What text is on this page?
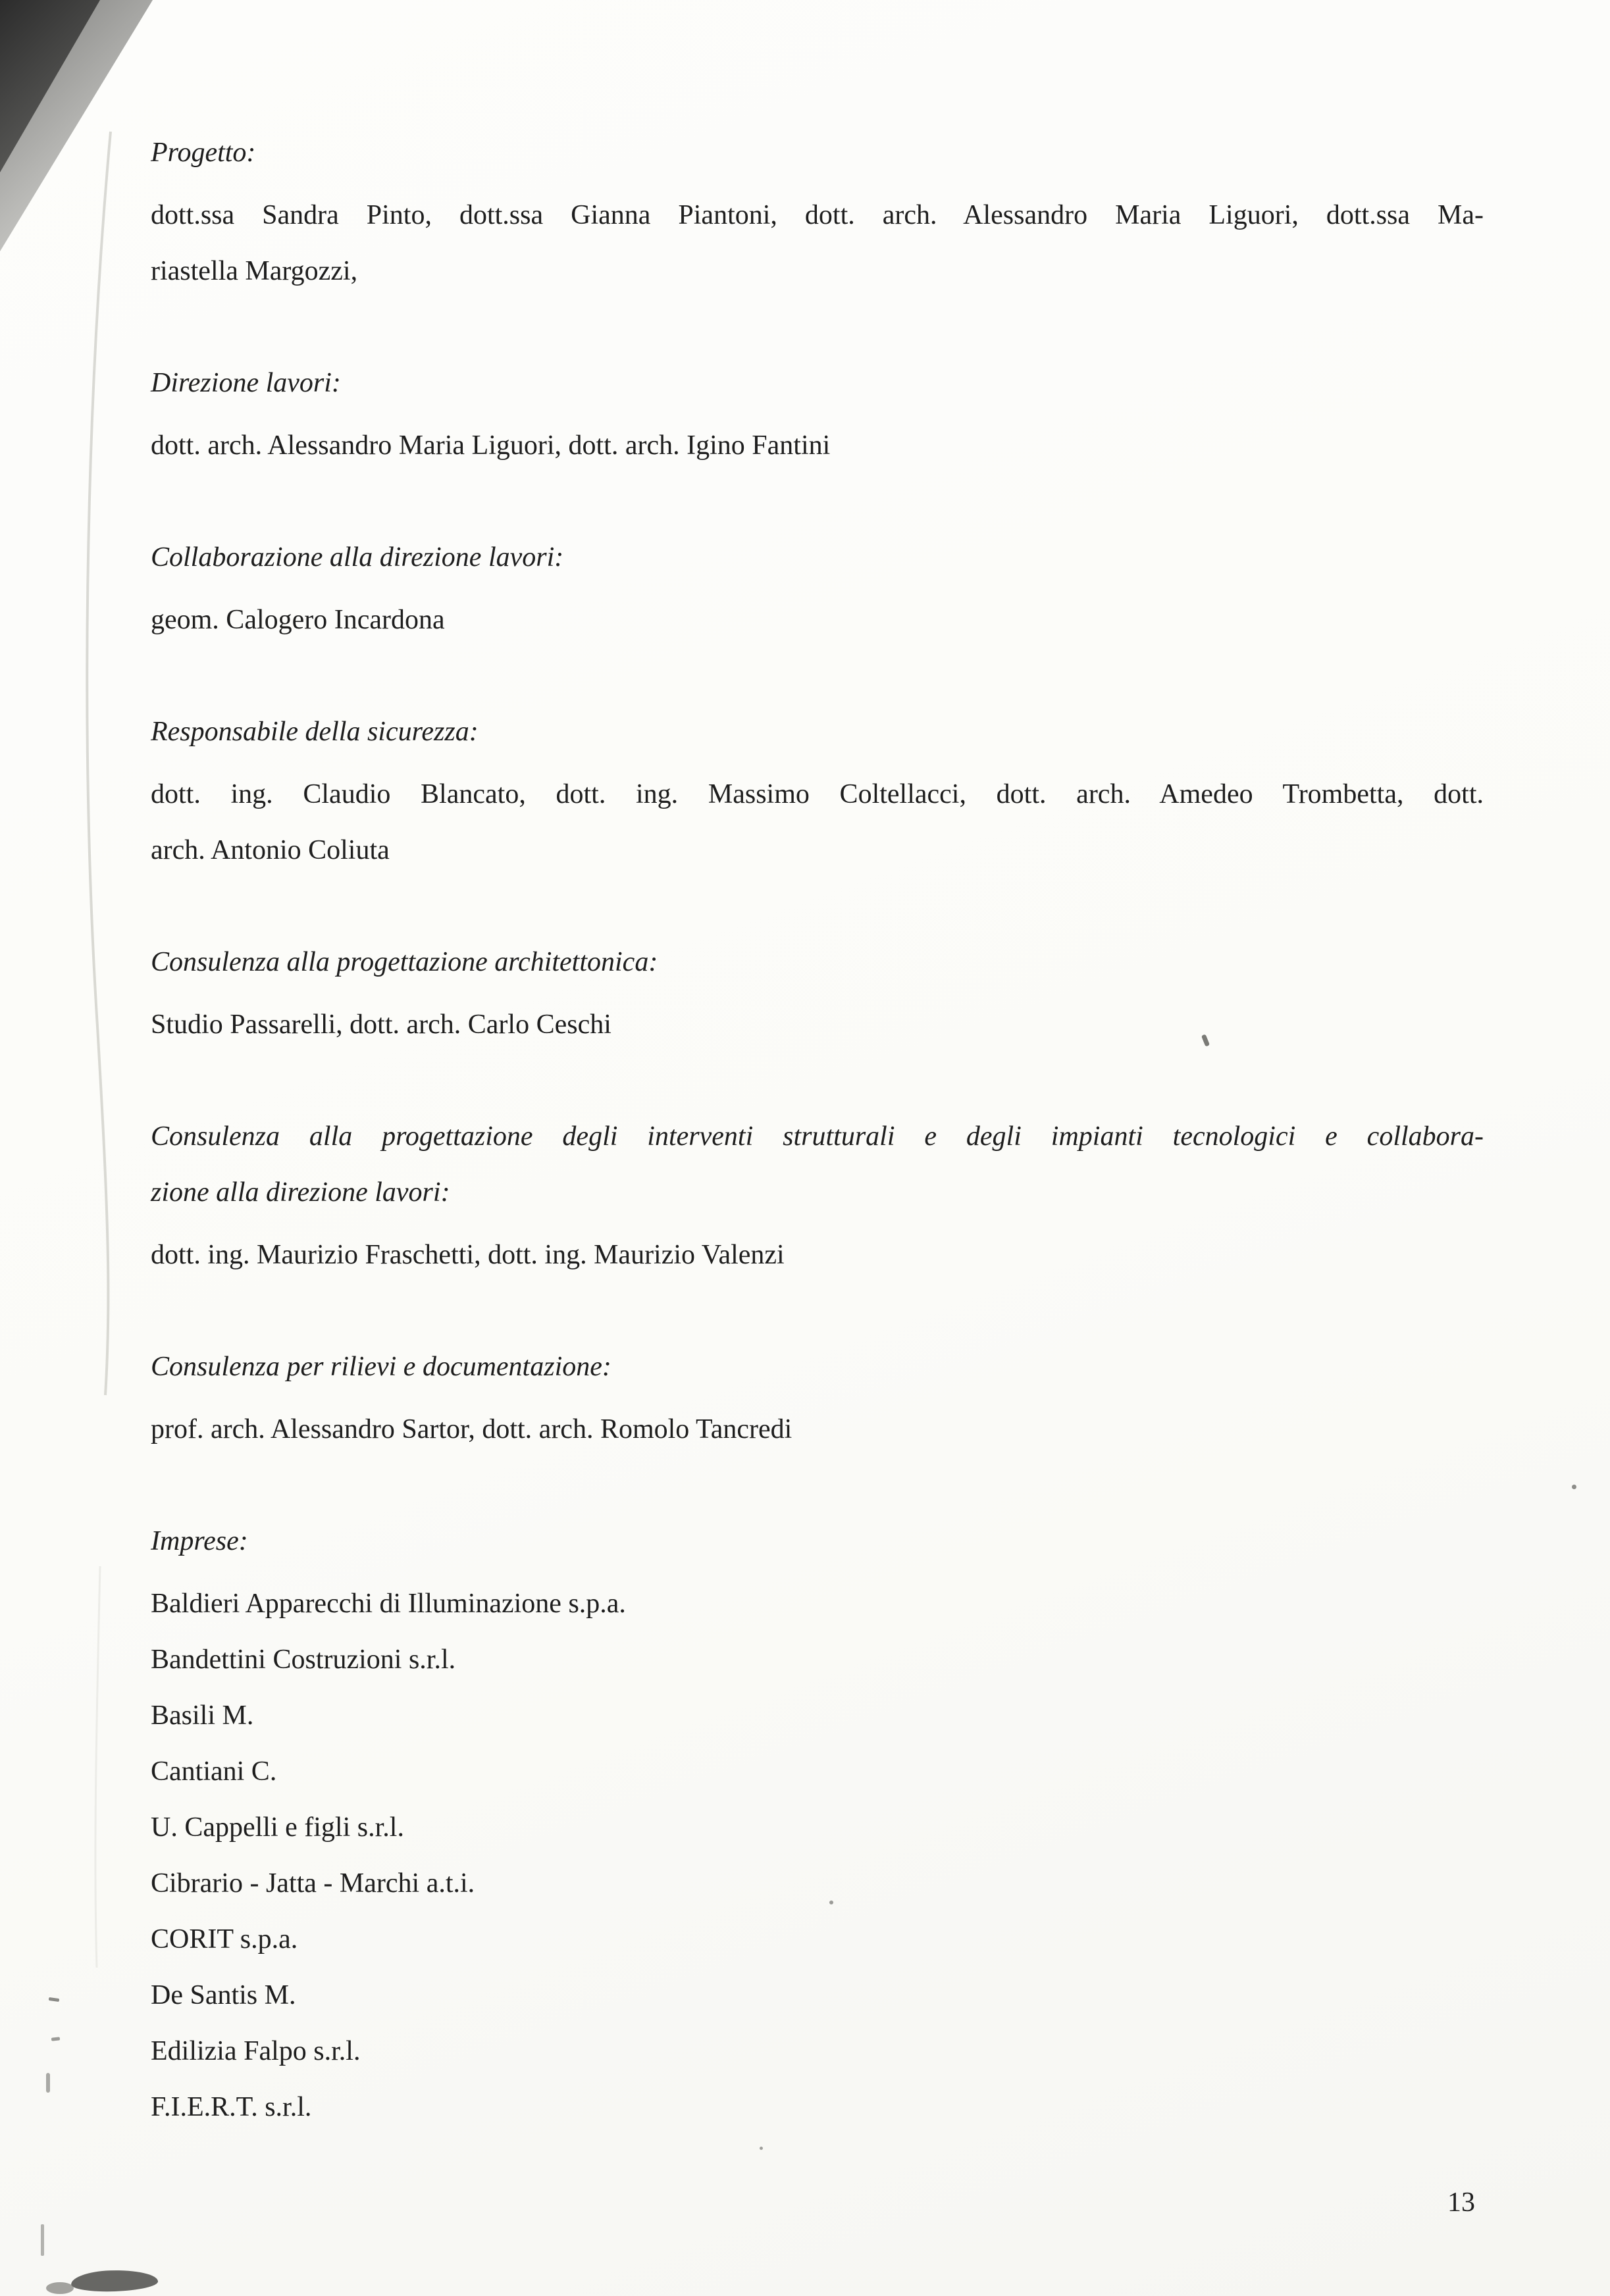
Progetto:
dott.ssa Sandra Pinto, dott.ssa Gianna Piantoni, dott. arch. Alessandro Maria Liguori, dott.ssa Ma-
riastella Margozzi,
Direzione lavori:
dott. arch. Alessandro Maria Liguori, dott. arch. Igino Fantini
Collaborazione alla direzione lavori:
geom. Calogero Incardona
Responsabile della sicurezza:
dott. ing. Claudio Blancato, dott. ing. Massimo Coltellacci, dott. arch. Amedeo Trombetta, dott.
arch. Antonio Coliuta
Consulenza alla progettazione architettonica:
Studio Passarelli, dott. arch. Carlo Ceschi
Consulenza alla progettazione degli interventi strutturali e degli impianti tecnologici e collabora-
zione alla direzione lavori:
dott. ing. Maurizio Fraschetti, dott. ing. Maurizio Valenzi
Consulenza per rilievi e documentazione:
prof. arch. Alessandro Sartor, dott. arch. Romolo Tancredi
Imprese:
Baldieri Apparecchi di Illuminazione s.p.a.
Bandettini Costruzioni s.r.l.
Basili M.
Cantiani C.
U. Cappelli e figli s.r.l.
Cibrario - Jatta - Marchi a.t.i.
CORIT s.p.a.
De Santis M.
Edilizia Falpo s.r.l.
F.I.E.R.T. s.r.l.
13
